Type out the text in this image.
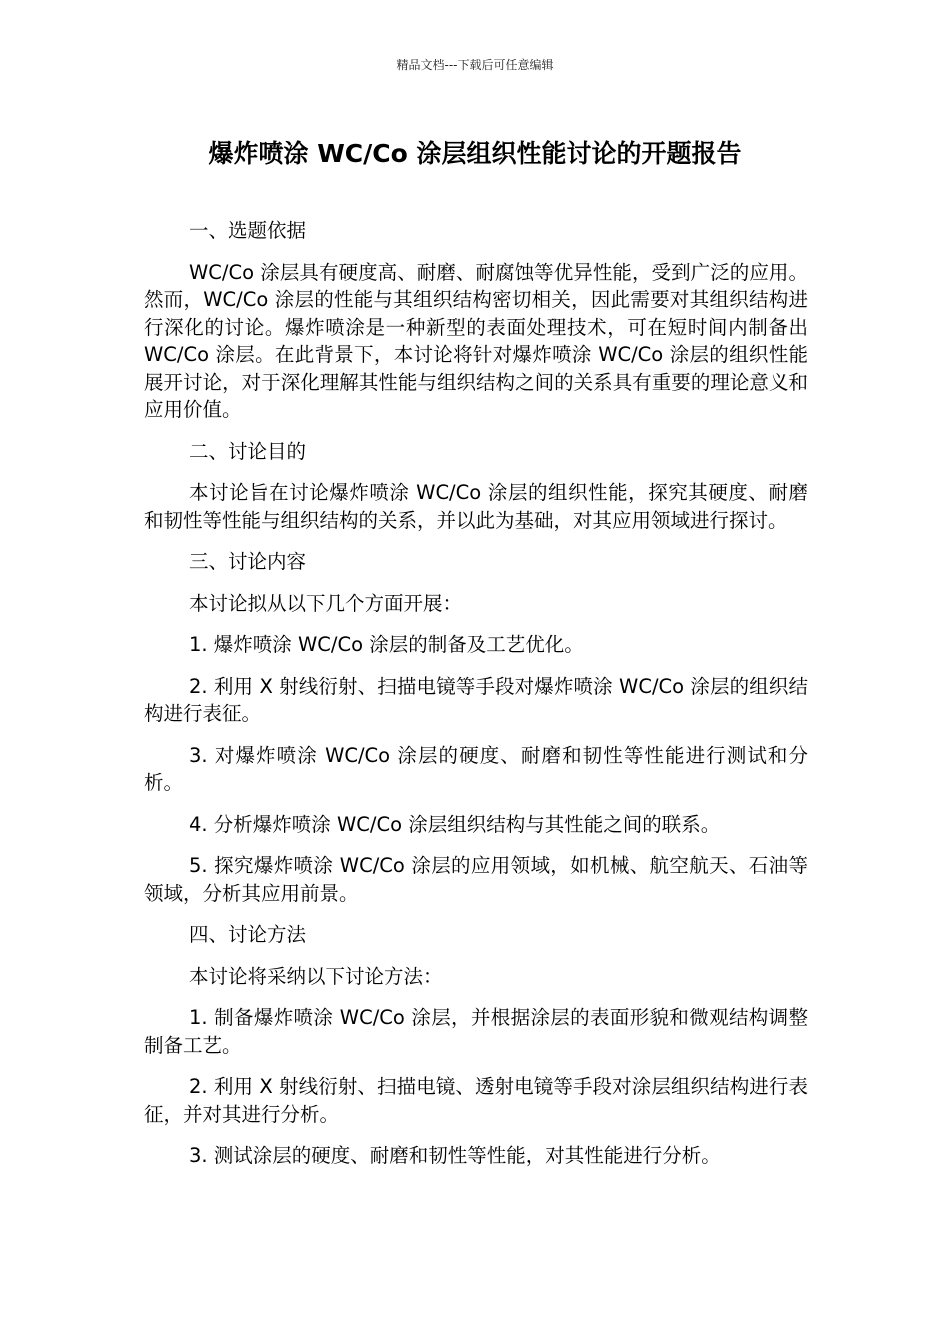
精品文档---下载后可任意编辑
爆炸喷涂 WC/Co 涂层组织性能讨论的开题报告

一、选题依据

WC/Co 涂层具有硬度高、耐磨、耐腐蚀等优异性能，受到广泛的应用。然而，WC/Co 涂层的性能与其组织结构密切相关，因此需要对其组织结构进行深化的讨论。爆炸喷涂是一种新型的表面处理技术，可在短时间内制备出 WC/Co 涂层。在此背景下，本讨论将针对爆炸喷涂 WC/Co 涂层的组织性能展开讨论，对于深化理解其性能与组织结构之间的关系具有重要的理论意义和应用价值。

二、讨论目的

本讨论旨在讨论爆炸喷涂 WC/Co 涂层的组织性能，探究其硬度、耐磨和韧性等性能与组织结构的关系，并以此为基础，对其应用领域进行探讨。

三、讨论内容

本讨论拟从以下几个方面开展：

1. 爆炸喷涂 WC/Co 涂层的制备及工艺优化。

2. 利用 X 射线衍射、扫描电镜等手段对爆炸喷涂 WC/Co 涂层的组织结构进行表征。

3. 对爆炸喷涂 WC/Co 涂层的硬度、耐磨和韧性等性能进行测试和分析。

4. 分析爆炸喷涂 WC/Co 涂层组织结构与其性能之间的联系。

5. 探究爆炸喷涂 WC/Co 涂层的应用领域，如机械、航空航天、石油等领域，分析其应用前景。

四、讨论方法

本讨论将采纳以下讨论方法：

1. 制备爆炸喷涂 WC/Co 涂层，并根据涂层的表面形貌和微观结构调整制备工艺。

2. 利用 X 射线衍射、扫描电镜、透射电镜等手段对涂层组织结构进行表征，并对其进行分析。

3. 测试涂层的硬度、耐磨和韧性等性能，对其性能进行分析。
